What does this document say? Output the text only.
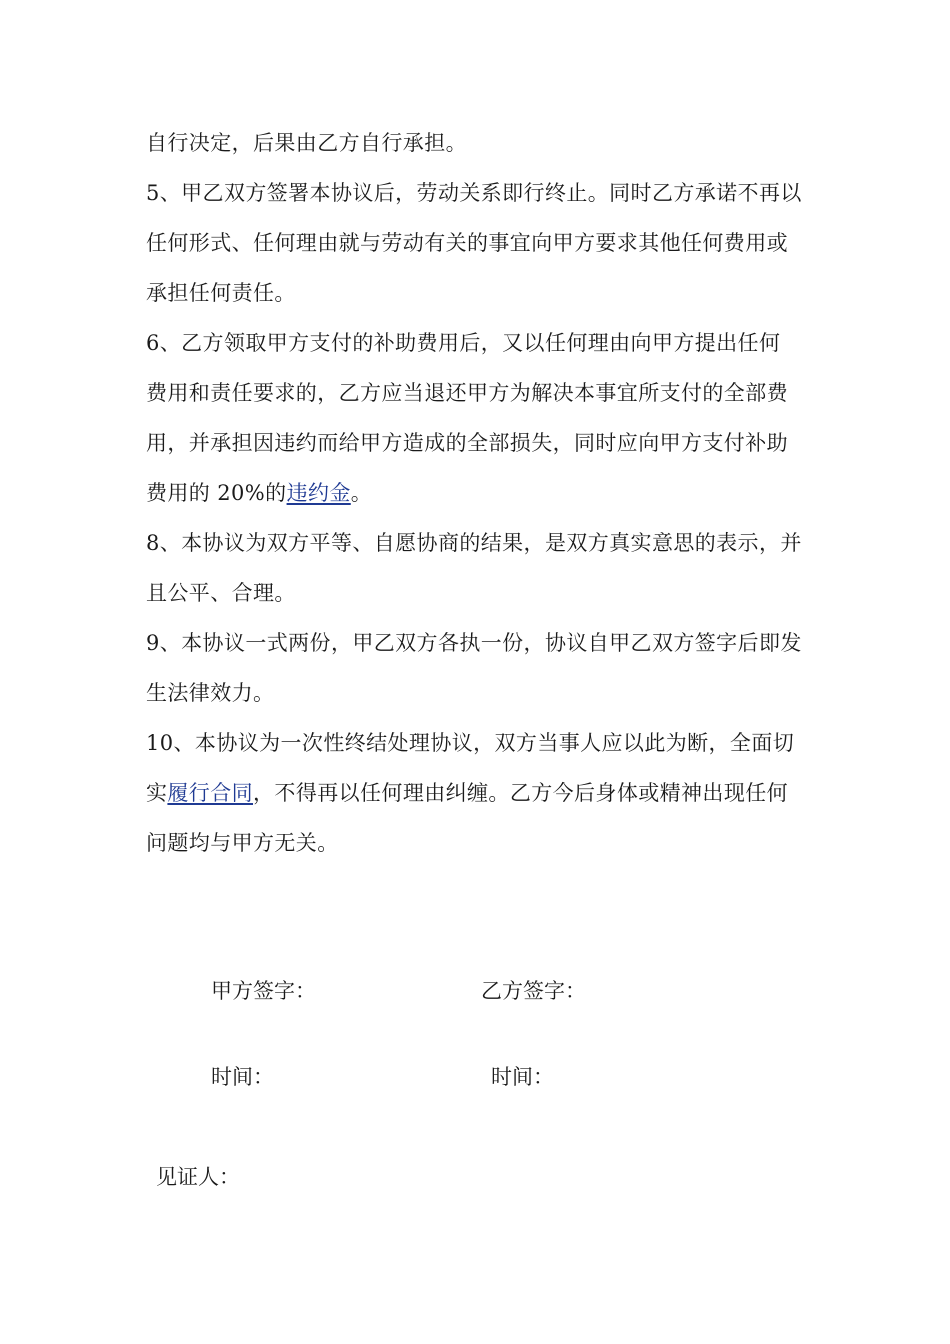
自行决定，后果由乙方自行承担。
5、甲乙双方签署本协议后，劳动关系即行终止。同时乙方承诺不再以
任何形式、任何理由就与劳动有关的事宜向甲方要求其他任何费用或
承担任何责任。
6、乙方领取甲方支付的补助费用后，又以任何理由向甲方提出任何
费用和责任要求的，乙方应当退还甲方为解决本事宜所支付的全部费
用，并承担因违约而给甲方造成的全部损失，同时应向甲方支付补助
费用的 20%的违约金。
8、本协议为双方平等、自愿协商的结果，是双方真实意思的表示，并
且公平、合理。
9、本协议一式两份，甲乙双方各执一份，协议自甲乙双方签字后即发
生法律效力。
10、本协议为一次性终结处理协议，双方当事人应以此为断，全面切
实履行合同，不得再以任何理由纠缠。乙方今后身体或精神出现任何
问题均与甲方无关。
甲方签字：	乙方签字：
时间：	时间：
见证人：
